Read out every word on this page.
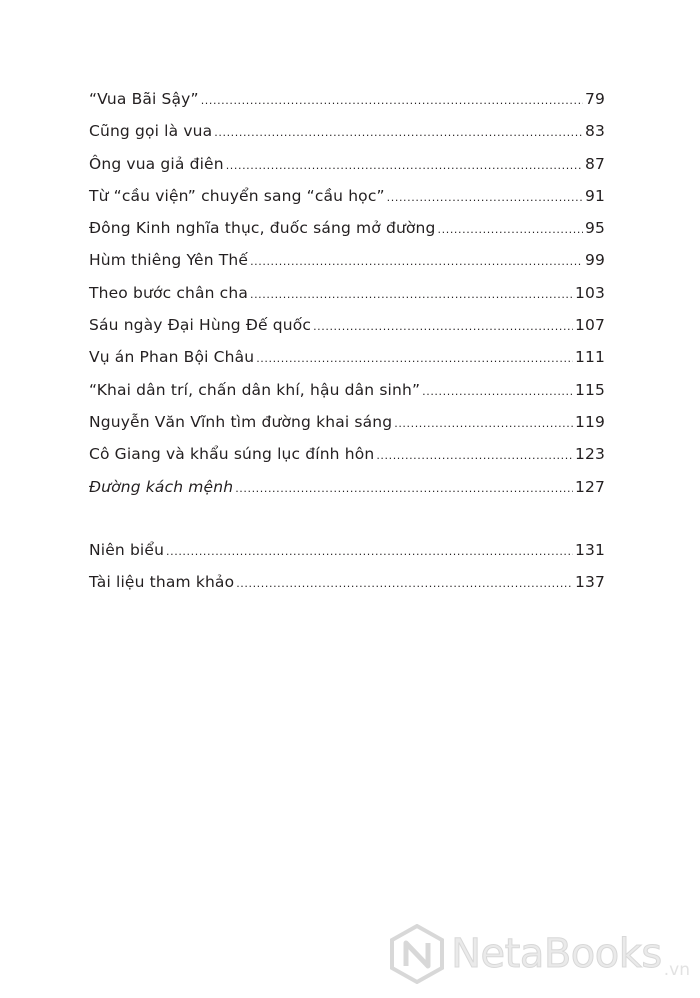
“Vua Bãi Sậy” .....	79
Cũng gọi là vua .....	83
Ông vua giả điên .....	87
Từ “cầu viện” chuyển sang “cầu học” .....	91
Đông Kinh nghĩa thục, đuốc sáng mở đường .....	95
Hùm thiêng Yên Thế .....	99
Theo bước chân cha .....	103
Sáu ngày Đại Hùng Đế quốc .....	107
Vụ án Phan Bội Châu .....	111
“Khai dân trí, chấn dân khí, hậu dân sinh” .....	115
Nguyễn Văn Vĩnh tìm đường khai sáng .....	119
Cô Giang và khẩu súng lục đính hôn .....	123
Đường kách mệnh .....	127
Niên biểu .....	131
Tài liệu tham khảo .....	137
NetaBooks .vn
